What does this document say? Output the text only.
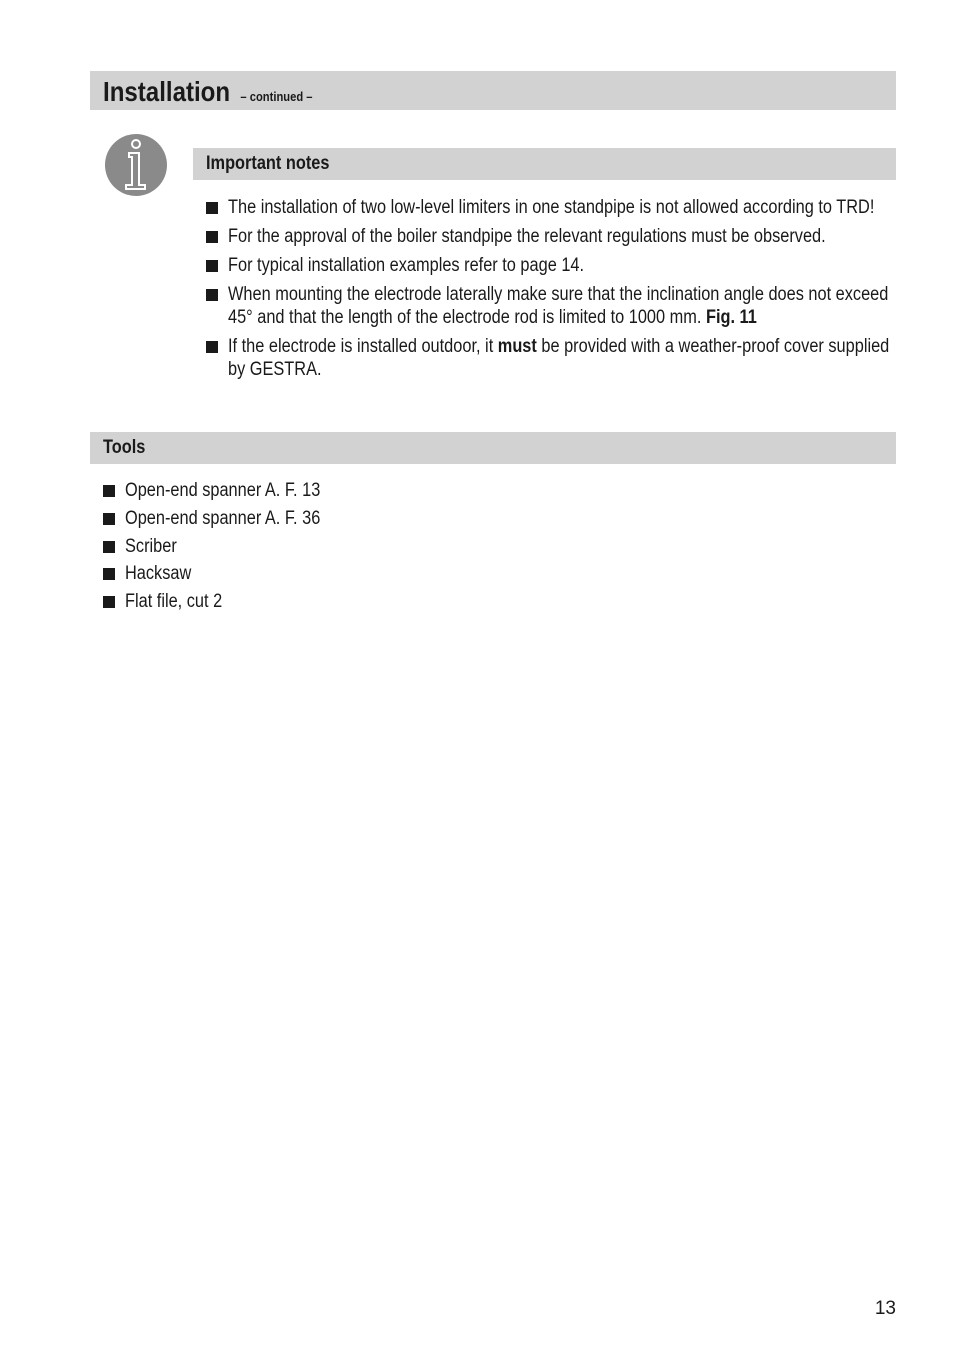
Installation – continued –
Important notes
The installation of two low-level limiters in one standpipe is not allowed according to TRD!
For the approval of the boiler standpipe the relevant regulations must be observed.
For typical installation examples refer to page 14.
When mounting the electrode laterally make sure that the inclination angle does not exceed 45° and that the length of the electrode rod is limited to 1000 mm. Fig. 11
If the electrode is installed outdoor, it must be provided with a weather-proof cover supplied by GESTRA.
Tools
Open-end spanner A. F. 13
Open-end spanner A. F. 36
Scriber
Hacksaw
Flat file, cut 2
13
